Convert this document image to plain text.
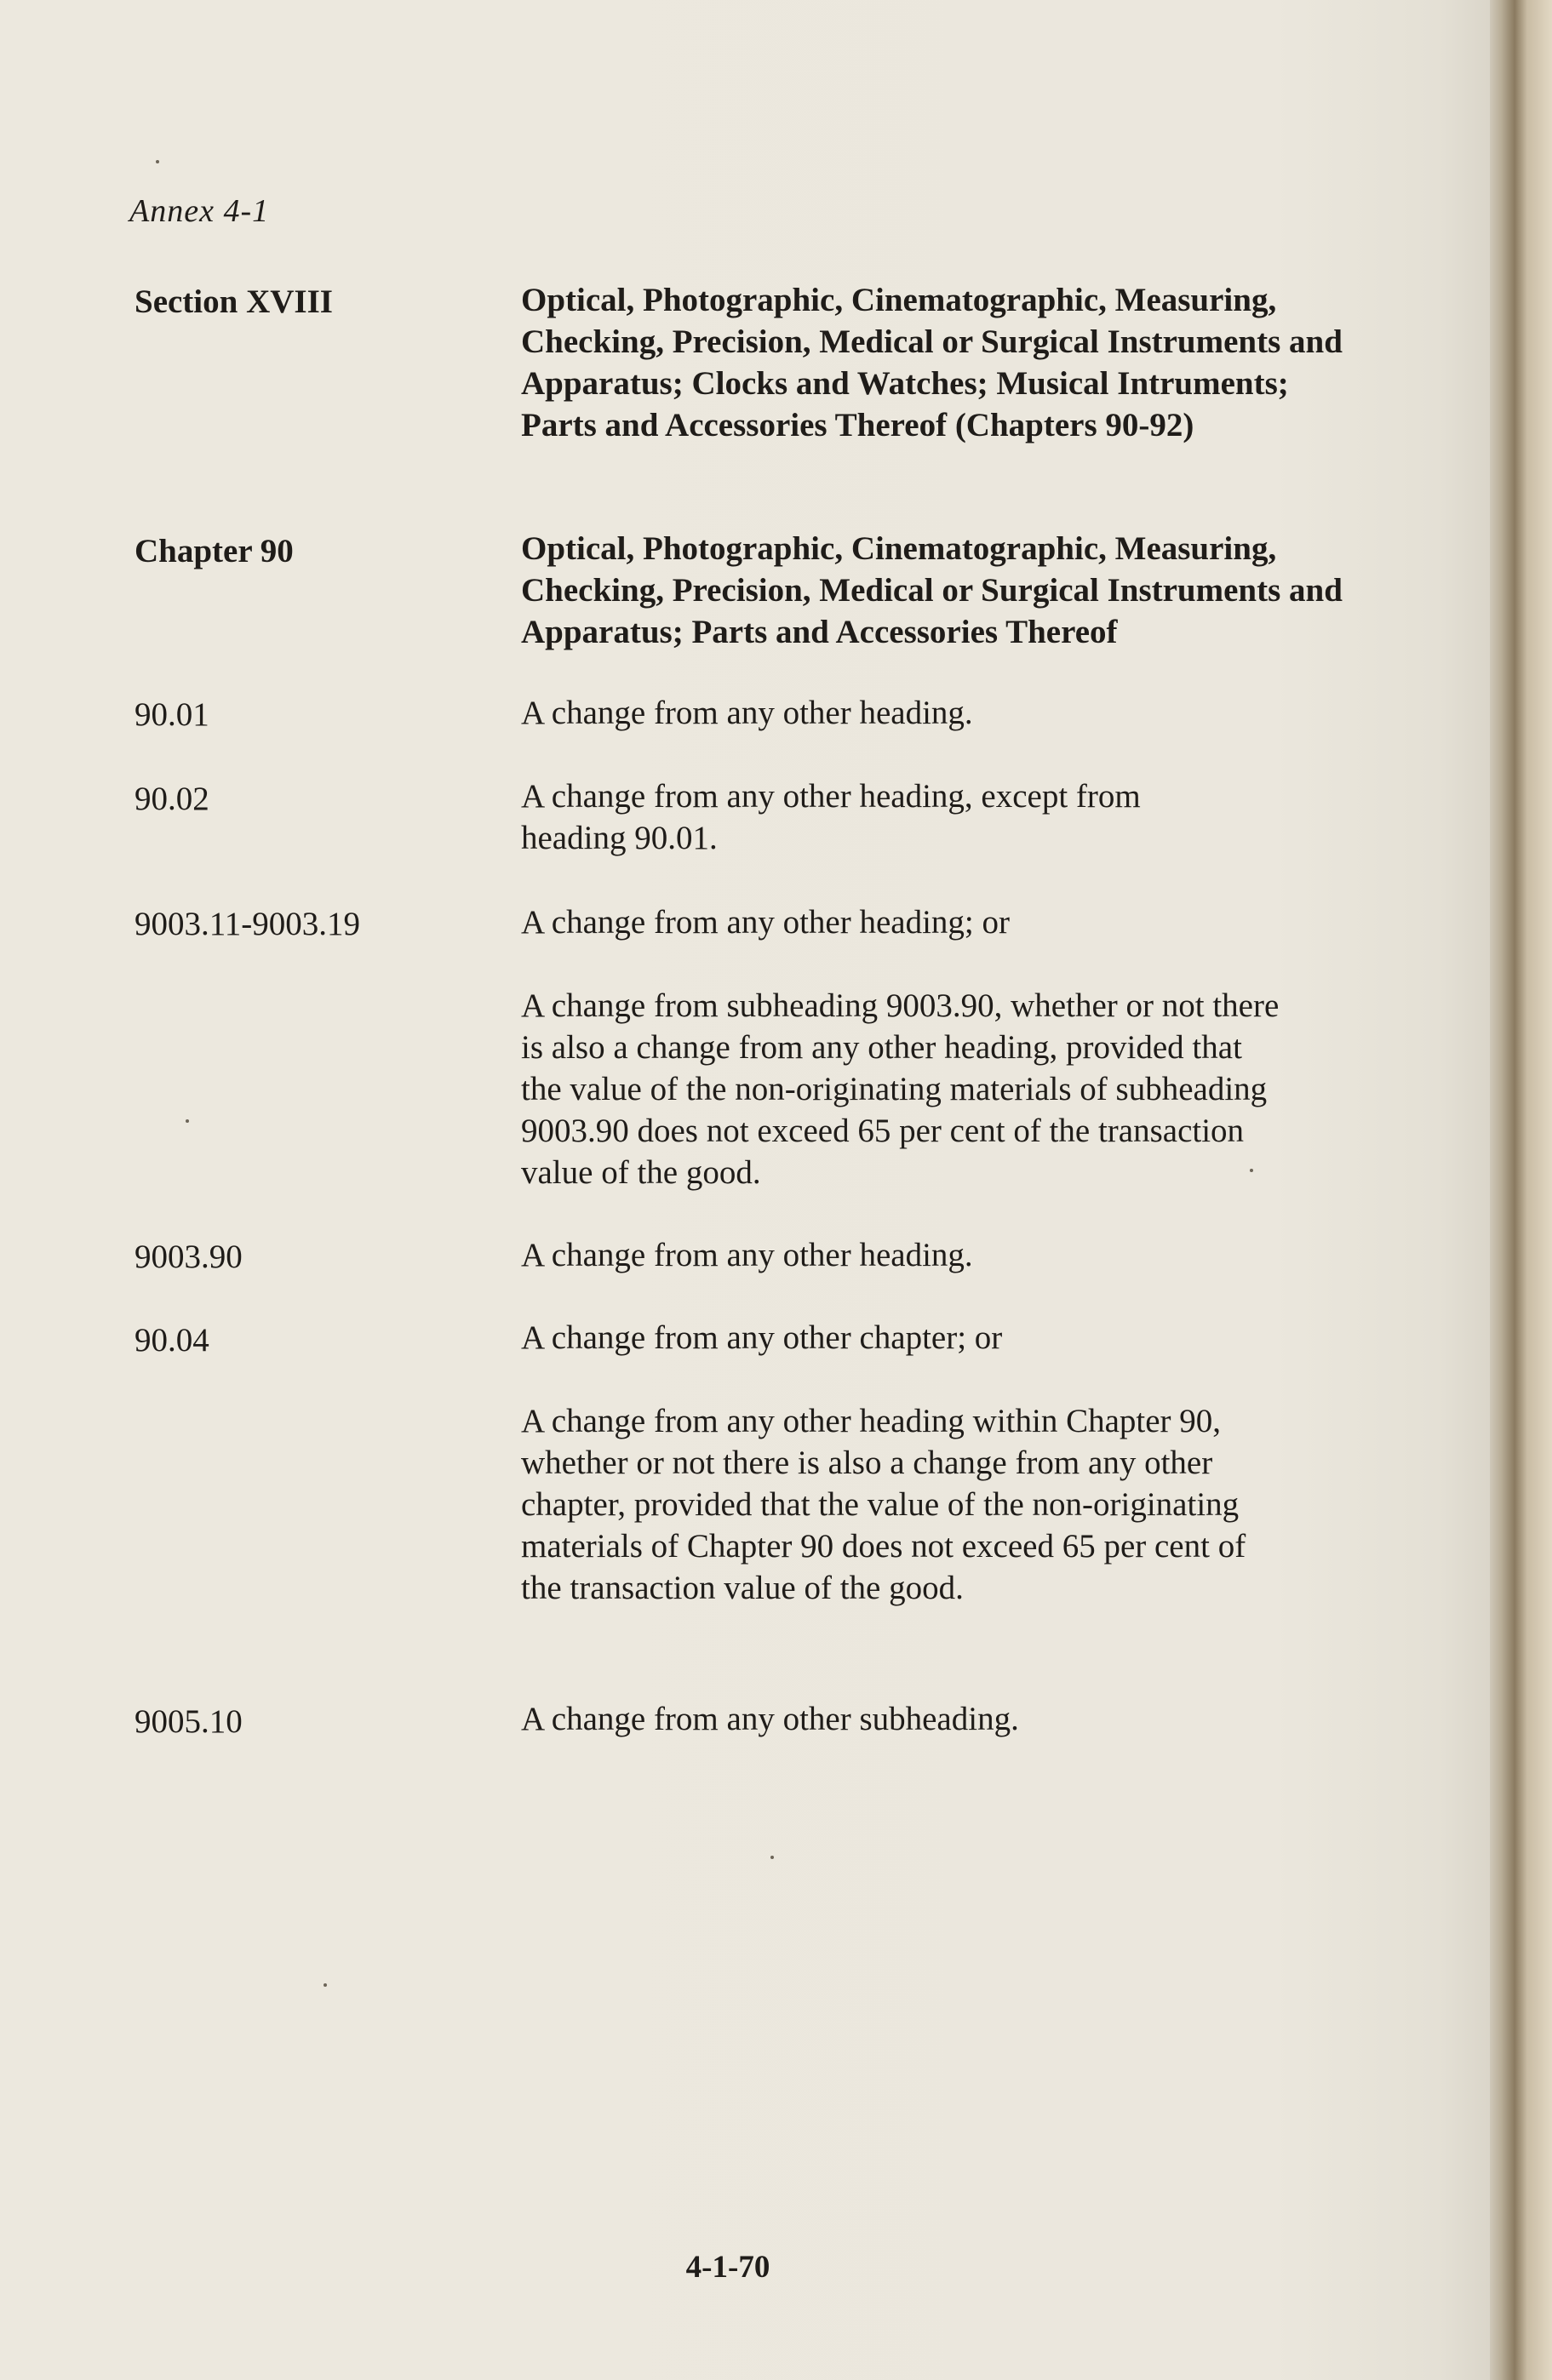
Annex 4-1
Section XVIII	Optical, Photographic, Cinematographic, Measuring, Checking, Precision, Medical or Surgical Instruments and Apparatus; Clocks and Watches; Musical Intruments; Parts and Accessories Thereof (Chapters 90-92)
Chapter 90	Optical, Photographic, Cinematographic, Measuring, Checking, Precision, Medical or Surgical Instruments and Apparatus; Parts and Accessories Thereof
90.01	A change from any other heading.
90.02	A change from any other heading, except from heading 90.01.
9003.11-9003.19	A change from any other heading; or
A change from subheading 9003.90, whether or not there is also a change from any other heading, provided that the value of the non-originating materials of subheading 9003.90 does not exceed 65 per cent of the transaction value of the good.
9003.90	A change from any other heading.
90.04	A change from any other chapter; or
A change from any other heading within Chapter 90, whether or not there is also a change from any other chapter, provided that the value of the non-originating materials of Chapter 90 does not exceed 65 per cent of the transaction value of the good.
9005.10	A change from any other subheading.
4-1-70
